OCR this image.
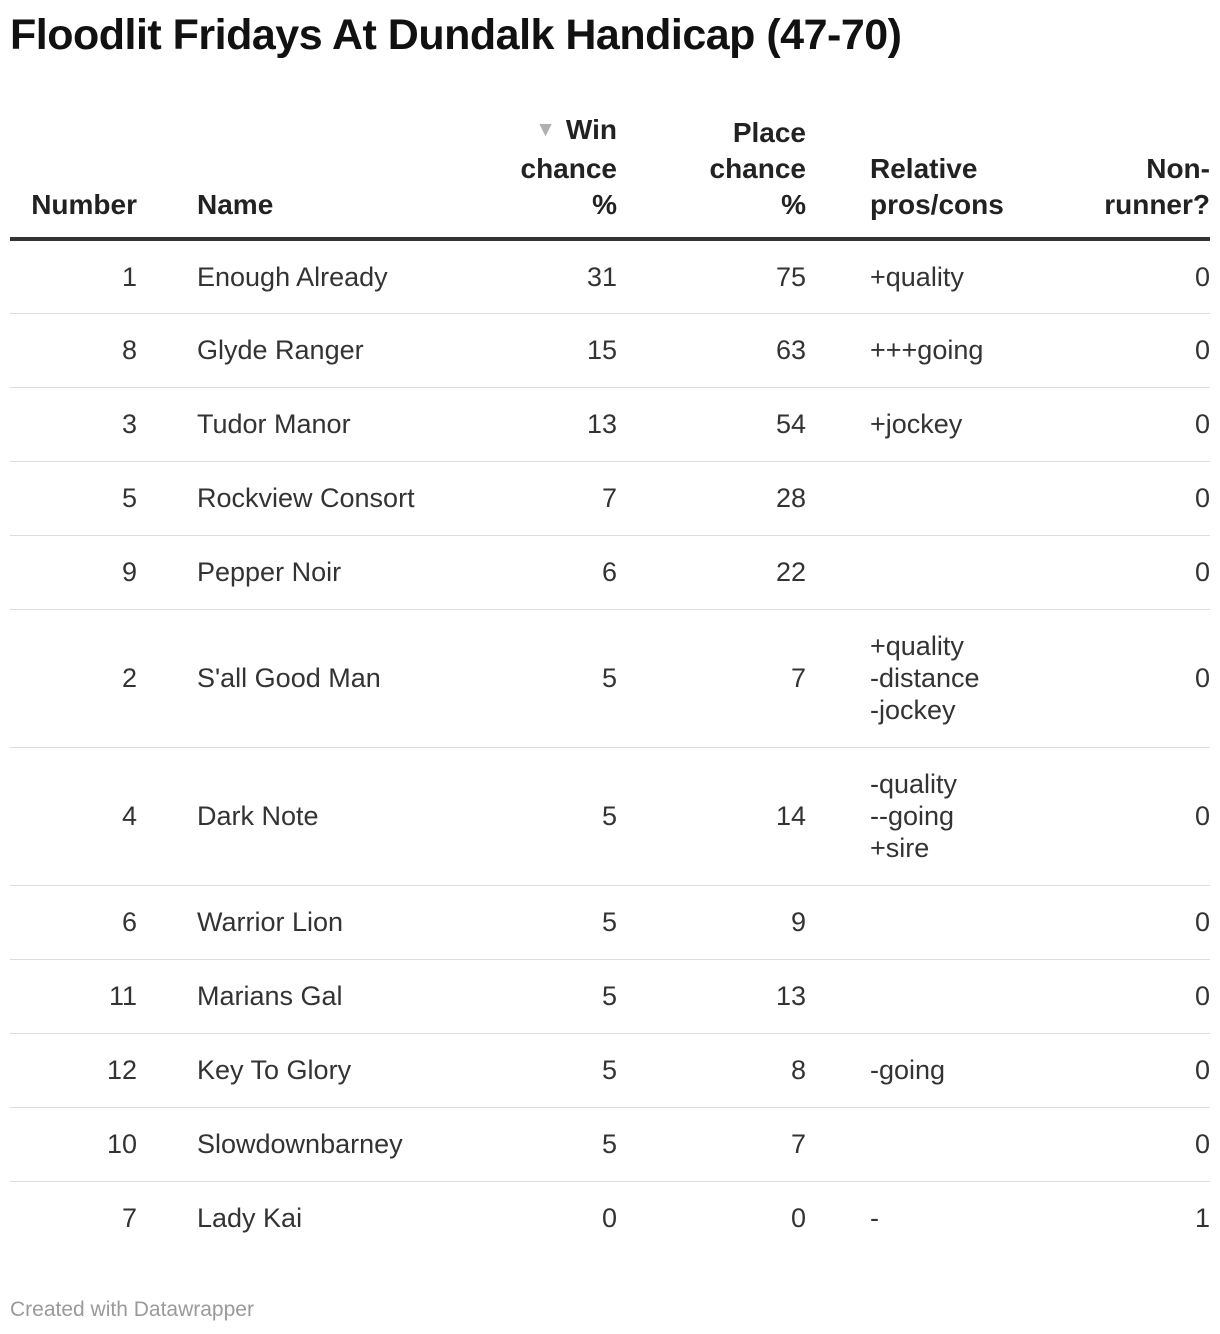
Floodlit Fridays At Dundalk Handicap (47-70)
Number	Name	▼ Win
chance
%	Place
chance
%	Relative
pros/cons	Non-
runner?
1	Enough Already	31	75	+quality	0
8	Glyde Ranger	15	63	+++going	0
3	Tudor Manor	13	54	+jockey	0
5	Rockview Consort	7	28		0
9	Pepper Noir	6	22		0
2	S'all Good Man	5	7	+quality
-distance
-jockey	0
4	Dark Note	5	14	-quality
--going
+sire	0
6	Warrior Lion	5	9		0
11	Marians Gal	5	13		0
12	Key To Glory	5	8	-going	0
10	Slowdownbarney	5	7		0
7	Lady Kai	0	0	-	1
Created with Datawrapper
